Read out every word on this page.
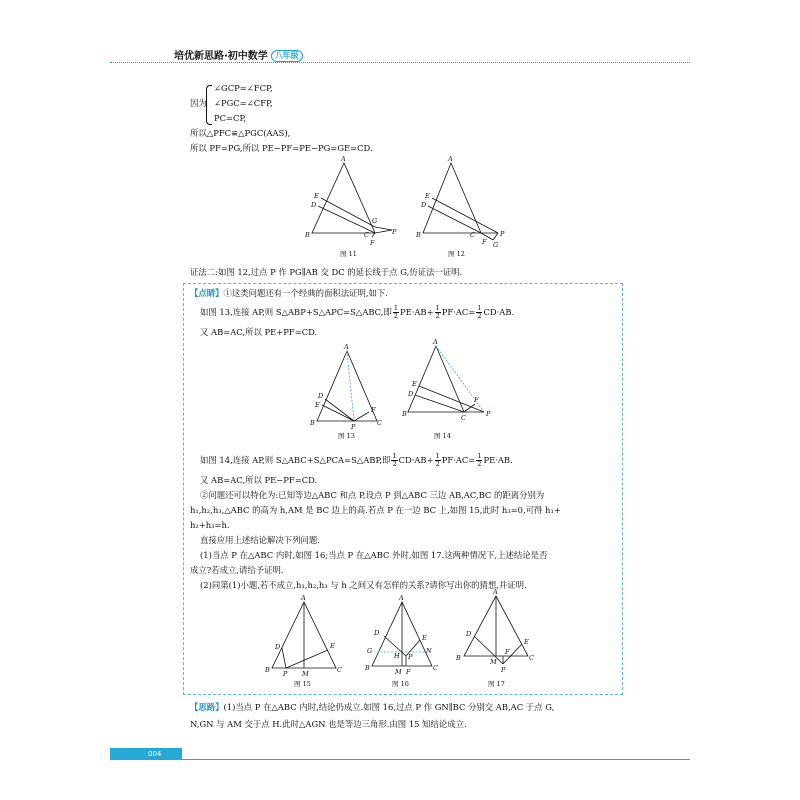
培优新思路·初中数学 八年级
因为
∠GCP=∠FCP,
∠PGC=∠CFP,
PC=CP,
所以△PFC≌△PGC(AAS),
所以 PF=PG,所以 PE−PF=PE−PG=GE=CD.
A
E
D
B	C
G
F
P
图 11
A
E
D
B	C
F
P
G
图 12
证法二:如图 12,过点 P 作 PG∥AB 交 DC 的延长线于点 G,仿证法一证明.
【点睛】①这类问题还有一个经典的面积法证明,如下.
如图 13,连接 AP,则 S△ABP+S△APC=S△ABC,即 $\frac{1}{2} PE\cdot AB+ \frac{1}{2} PF\cdot AC= \frac{1}{2} CD\cdot AB$.
又 AB=AC,所以 PE+PF=CD.
A
D
E
B	P
F
C
图 13
A
E
D
B	C
F
P
图 14
如图 14,连接 AP,则 S△ABC+S△PCA=S△ABP,即 $\frac{1}{2} CD\cdot AB+ \frac{1}{2} PF\cdot AC= \frac{1}{2} PE\cdot AB$.
又 AB=AC,所以 PE−PF=CD.
②问题还可以特化为:已知等边△ABC 和点 P,设点 P 到△ABC 三边 AB,AC,BC 的距离分别为
h₁,h₂,h₃,△ABC 的高为 h,AM 是 BC 边上的高.若点 P 在一边 BC 上,如图 15,此时 h₃=0,可得 h₁+
h₂+h₃=h.
直接应用上述结论解决下列问题.
(1)当点 P 在△ABC 内时,如图 16;当点 P 在△ABC 外时,如图 17.这两种情况下,上述结论是否
成立?若成立,请给予证明.
(2)同第(1)小题,若不成立,h₁,h₂,h₃ 与 h 之间又有怎样的关系?请你写出你的猜想,并证明.
A
D	E
B P M	C
图 15
A
D
E
G
H
N
B	M F	C
P
图 16
A
D
E
B	M
F
C
P
图 17
【思路】(1)当点 P 在△ABC 内时,结论仍成立.如图 16,过点 P 作 GN∥BC 分别交 AB,AC 于点 G,
N,GN 与 AM 交于点 H.此时△AGN 也是等边三角形.由图 15 知结论成立.
004
